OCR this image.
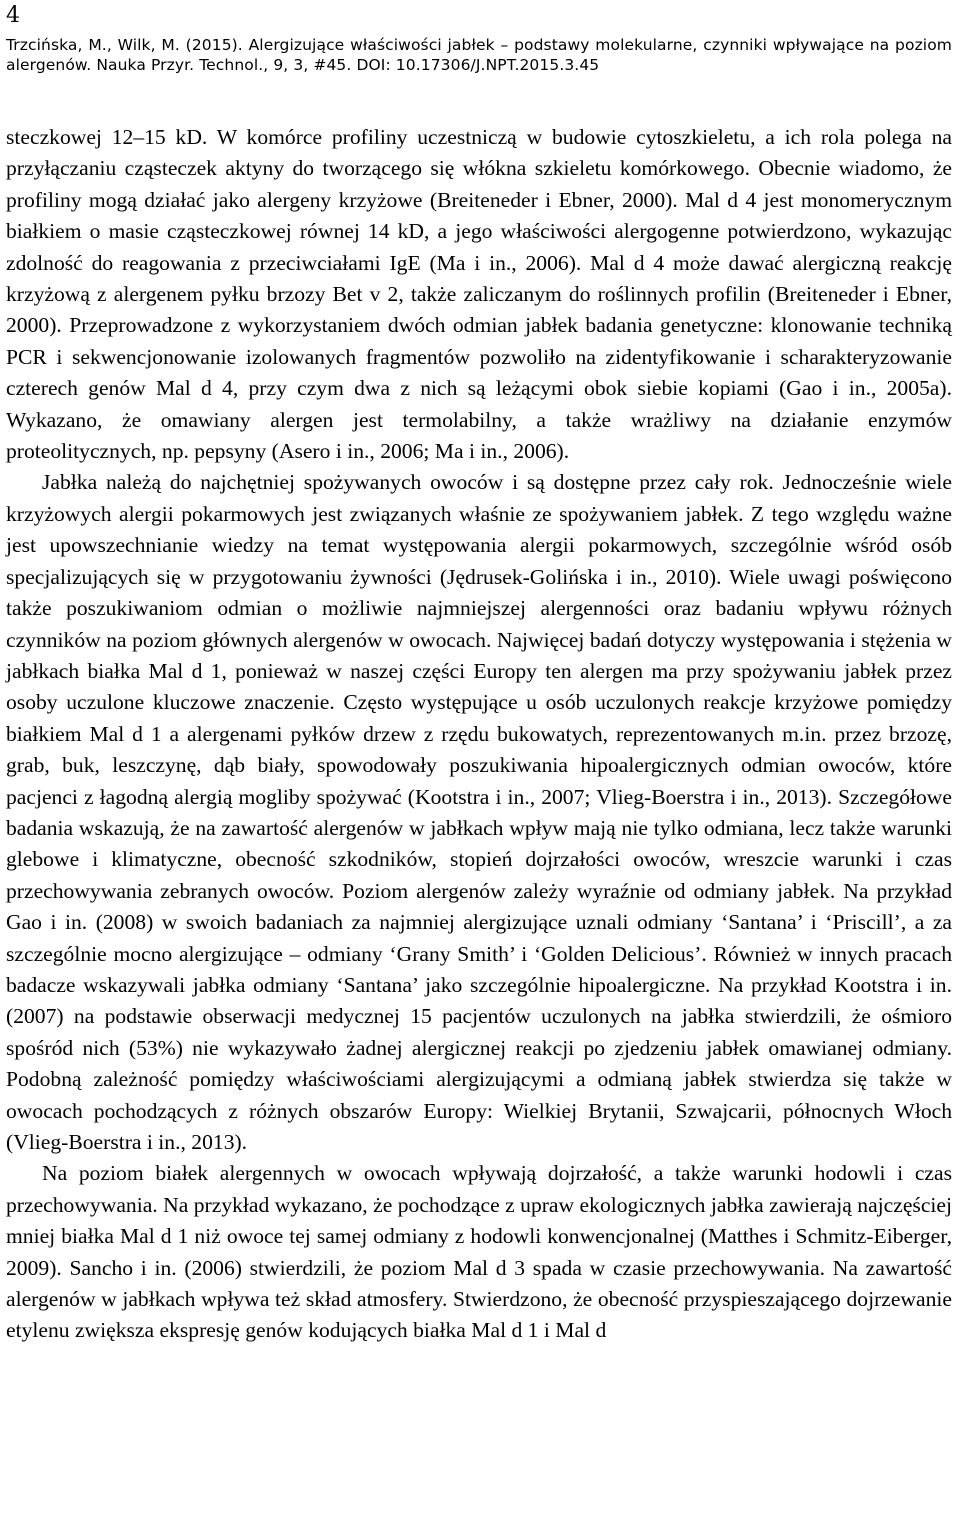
4
Trzcińska, M., Wilk, M. (2015). Alergizujące właściwości jabłek – podstawy molekularne, czynniki wpływające na poziom alergenów. Nauka Przyr. Technol., 9, 3, #45. DOI: 10.17306/J.NPT.2015.3.45

steczkowej 12–15 kD. W komórce profiliny uczestniczą w budowie cytoszkieletu, a ich rola polega na przyłączaniu cząsteczek aktyny do tworzącego się włókna szkieletu komórkowego. Obecnie wiadomo, że profiliny mogą działać jako alergeny krzyżowe (Breiteneder i Ebner, 2000). Mal d 4 jest monomerycznym białkiem o masie cząsteczkowej równej 14 kD, a jego właściwości alergogenne potwierdzono, wykazując zdolność do reagowania z przeciwciałami IgE (Ma i in., 2006). Mal d 4 może dawać alergiczną reakcję krzyżową z alergenem pyłku brzozy Bet v 2, także zaliczanym do roślinnych profilin (Breiteneder i Ebner, 2000). Przeprowadzone z wykorzystaniem dwóch odmian jabłek badania genetyczne: klonowanie techniką PCR i sekwencjonowanie izolowanych fragmentów pozwoliło na zidentyfikowanie i scharakteryzowanie czterech genów Mal d 4, przy czym dwa z nich są leżącymi obok siebie kopiami (Gao i in., 2005a). Wykazano, że omawiany alergen jest termolabilny, a także wrażliwy na działanie enzymów proteolitycznych, np. pepsyny (Asero i in., 2006; Ma i in., 2006).

Jabłka należą do najchętniej spożywanych owoców i są dostępne przez cały rok. Jednocześnie wiele krzyżowych alergii pokarmowych jest związanych właśnie ze spożywaniem jabłek. Z tego względu ważne jest upowszechnianie wiedzy na temat występowania alergii pokarmowych, szczególnie wśród osób specjalizujących się w przygotowaniu żywności (Jędrusek-Golińska i in., 2010). Wiele uwagi poświęcono także poszukiwaniom odmian o możliwie najmniejszej alergenności oraz badaniu wpływu różnych czynników na poziom głównych alergenów w owocach. Najwięcej badań dotyczy występowania i stężenia w jabłkach białka Mal d 1, ponieważ w naszej części Europy ten alergen ma przy spożywaniu jabłek przez osoby uczulone kluczowe znaczenie. Często występujące u osób uczulonych reakcje krzyżowe pomiędzy białkiem Mal d 1 a alergenami pyłków drzew z rzędu bukowatych, reprezentowanych m.in. przez brzozę, grab, buk, leszczynę, dąb biały, spowodowały poszukiwania hipoalergicznych odmian owoców, które pacjenci z łagodną alergią mogliby spożywać (Kootstra i in., 2007; Vlieg-Boerstra i in., 2013). Szczegółowe badania wskazują, że na zawartość alergenów w jabłkach wpływ mają nie tylko odmiana, lecz także warunki glebowe i klimatyczne, obecność szkodników, stopień dojrzałości owoców, wreszcie warunki i czas przechowywania zebranych owoców. Poziom alergenów zależy wyraźnie od odmiany jabłek. Na przykład Gao i in. (2008) w swoich badaniach za najmniej alergizujące uznali odmiany ‘Santana’ i ‘Priscill’, a za szczególnie mocno alergizujące – odmiany ‘Grany Smith’ i ‘Golden Delicious’. Również w innych pracach badacze wskazywali jabłka odmiany ‘Santana’ jako szczególnie hipoalergiczne. Na przykład Kootstra i in. (2007) na podstawie obserwacji medycznej 15 pacjentów uczulonych na jabłka stwierdzili, że ośmioro spośród nich (53%) nie wykazywało żadnej alergicznej reakcji po zjedzeniu jabłek omawianej odmiany. Podobną zależność pomiędzy właściwościami alergizującymi a odmianą jabłek stwierdza się także w owocach pochodzących z różnych obszarów Europy: Wielkiej Brytanii, Szwajcarii, północnych Włoch (Vlieg-Boerstra i in., 2013).

Na poziom białek alergennych w owocach wpływają dojrzałość, a także warunki hodowli i czas przechowywania. Na przykład wykazano, że pochodzące z upraw ekologicznych jabłka zawierają najczęściej mniej białka Mal d 1 niż owoce tej samej odmiany z hodowli konwencjonalnej (Matthes i Schmitz-Eiberger, 2009). Sancho i in. (2006) stwierdzili, że poziom Mal d 3 spada w czasie przechowywania. Na zawartość alergenów w jabłkach wpływa też skład atmosfery. Stwierdzono, że obecność przyspieszającego dojrzewanie etylenu zwiększa ekspresję genów kodujących białka Mal d 1 i Mal d
